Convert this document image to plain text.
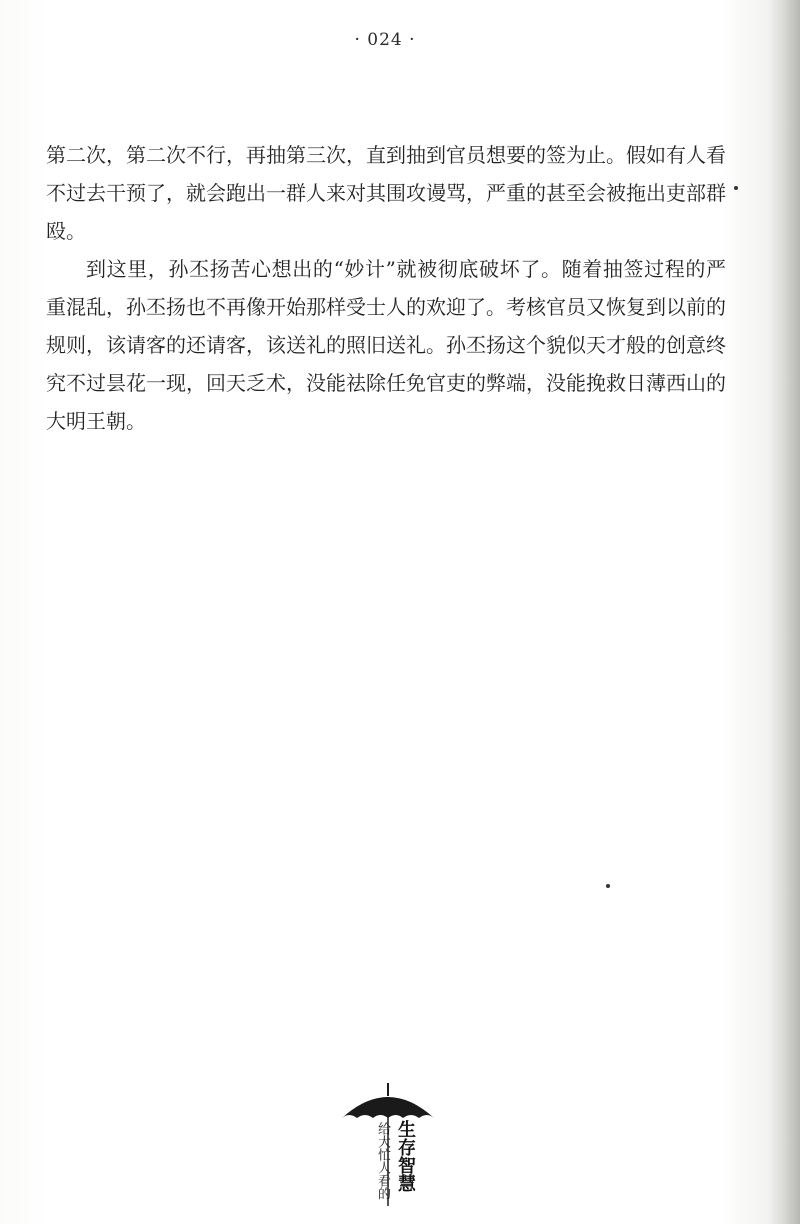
· 024 ·

第二次，第二次不行，再抽第三次，直到抽到官员想要的签为止。假如有人看不过去干预了，就会跑出一群人来对其围攻谩骂，严重的甚至会被拖出吏部群殴。

到这里，孙丕扬苦心想出的“妙计”就被彻底破坏了。随着抽签过程的严重混乱，孙丕扬也不再像开始那样受士人的欢迎了。考核官员又恢复到以前的规则，该请客的还请客，该送礼的照旧送礼。孙丕扬这个貌似天才般的创意终究不过昙花一现，回天乏术，没能祛除任免官吏的弊端，没能挽救日薄西山的大明王朝。

给大忙人看的 生存智慧
